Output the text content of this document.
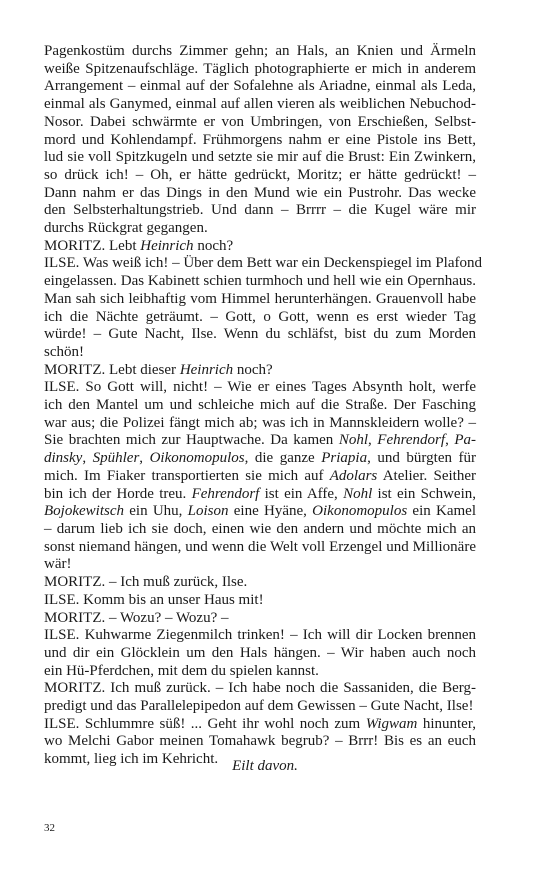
Pagenkostüm durchs Zimmer gehn; an Hals, an Knien und Ärmeln
weiße Spitzenaufschläge. Täglich photographierte er mich in anderem
Arrangement – einmal auf der Sofalehne als Ariadne, einmal als Leda,
einmal als Ganymed, einmal auf allen vieren als weiblichen Nebuchod-
Nosor. Dabei schwärmte er von Umbringen, von Erschießen, Selbst-
mord und Kohlendampf. Frühmorgens nahm er eine Pistole ins Bett,
lud sie voll Spitzkugeln und setzte sie mir auf die Brust: Ein Zwinkern,
so drück ich! – Oh, er hätte gedrückt, Moritz; er hätte gedrückt! –
Dann nahm er das Dings in den Mund wie ein Pustrohr. Das wecke
den Selbsterhaltungstrieb. Und dann – Brrrr – die Kugel wäre mir
durchs Rückgrat gegangen.
MORITZ. Lebt Heinrich noch?
ILSE. Was weiß ich! – Über dem Bett war ein Deckenspiegel im Plafond
eingelassen. Das Kabinett schien turmhoch und hell wie ein Opernhaus.
Man sah sich leibhaftig vom Himmel herunterhängen. Grauenvoll habe
ich die Nächte geträumt. – Gott, o Gott, wenn es erst wieder Tag
würde! – Gute Nacht, Ilse. Wenn du schläfst, bist du zum Morden
schön!
MORITZ. Lebt dieser Heinrich noch?
ILSE. So Gott will, nicht! – Wie er eines Tages Absynth holt, werfe
ich den Mantel um und schleiche mich auf die Straße. Der Fasching
war aus; die Polizei fängt mich ab; was ich in Mannskleidern wolle? –
Sie brachten mich zur Hauptwache. Da kamen Nohl, Fehrendorf, Pa-
dinsky, Spühler, Oikonomopulos, die ganze Priapia, und bürgten für
mich. Im Fiaker transportierten sie mich auf Adolars Atelier. Seither
bin ich der Horde treu. Fehrendorf ist ein Affe, Nohl ist ein Schwein,
Bojokewitsch ein Uhu, Loison eine Hyäne, Oikonomopulos ein Kamel
– darum lieb ich sie doch, einen wie den andern und möchte mich an
sonst niemand hängen, und wenn die Welt voll Erzengel und Millionäre
wär!
MORITZ. – Ich muß zurück, Ilse.
ILSE. Komm bis an unser Haus mit!
MORITZ. – Wozu? – Wozu? –
ILSE. Kuhwarme Ziegenmilch trinken! – Ich will dir Locken brennen
und dir ein Glöcklein um den Hals hängen. – Wir haben auch noch
ein Hü-Pferdchen, mit dem du spielen kannst.
MORITZ. Ich muß zurück. – Ich habe noch die Sassaniden, die Berg-
predigt und das Parallelepipedon auf dem Gewissen – Gute Nacht, Ilse!
ILSE. Schlummre süß! ... Geht ihr wohl noch zum Wigwam hinunter,
wo Melchi Gabor meinen Tomahawk begrub? – Brrr! Bis es an euch
kommt, lieg ich im Kehricht. Eilt davon.
32
